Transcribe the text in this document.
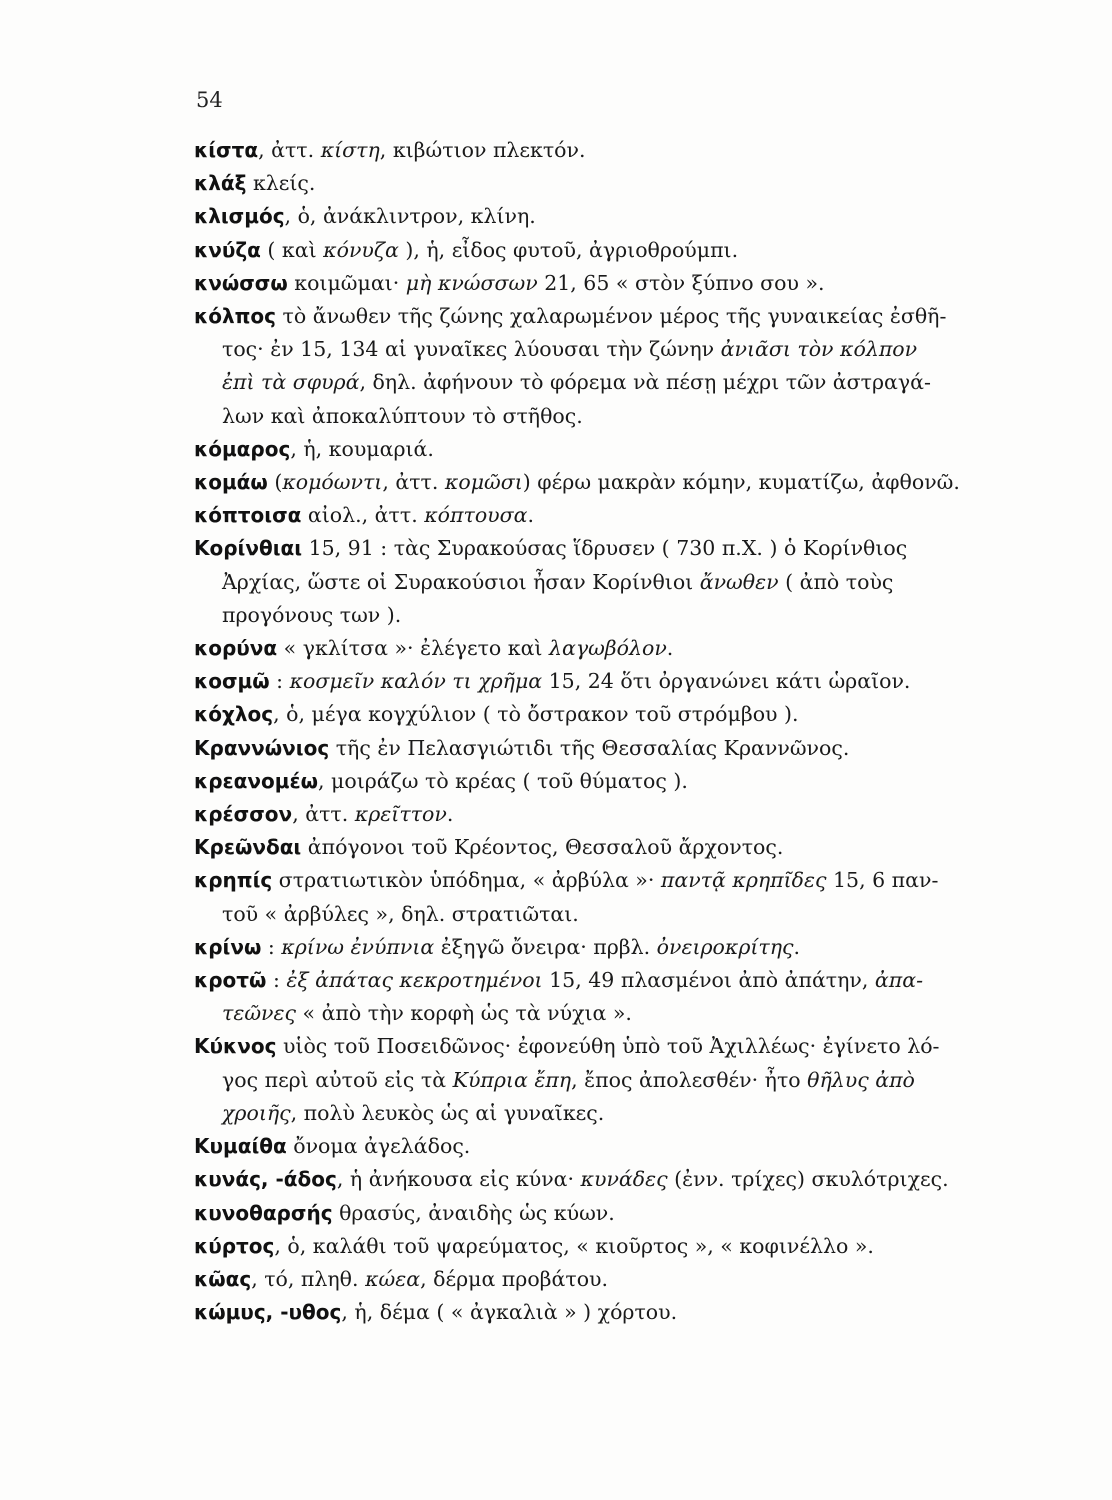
54

κίστα, ἀττ. κίστη, κιβώτιον πλεκτόν.

κλάξ κλείς.

κλισμός, ὁ, ἀνάκλιντρον, κλίνη.

κνύζα ( καὶ κόνυζα ), ἡ, εἶδος φυτοῦ, ἀγριοθρούμπι.

κνώσσω κοιμῶμαι· μὴ κνώσσων 21, 65 « στὸν ξύπνο σου ».

κόλπος τὸ ἄνωθεν τῆς ζώνης χαλαρωμένον μέρος τῆς γυναικείας ἐσθῆ-
τος· ἐν 15, 134 αἱ γυναῖκες λύουσαι τὴν ζώνην ἀνιᾶσι τὸν κόλπον
ἐπὶ τὰ σφυρά, δηλ. ἀφήνουν τὸ φόρεμα νὰ πέσῃ μέχρι τῶν ἀστραγά-
λων καὶ ἀποκαλύπτουν τὸ στῆθος.

κόμαρος, ἡ, κουμαριά.

κομάω (κομόωντι, ἀττ. κομῶσι) φέρω μακρὰν κόμην, κυματίζω, ἀφθονῶ.

κόπτοισα αἰολ., ἀττ. κόπτουσα.

Κορίνθιαι 15, 91 : τὰς Συρακούσας ἵδρυσεν ( 730 π.Χ. ) ὁ Κορίνθιος
Ἀρχίας, ὥστε οἱ Συρακούσιοι ἦσαν Κορίνθιοι ἄνωθεν ( ἀπὸ τοὺς
προγόνους των ).

κορύνα « γκλίτσα »· ἐλέγετο καὶ λαγωβόλον.

κοσμῶ : κοσμεῖν καλόν τι χρῆμα 15, 24 ὅτι ὀργανώνει κάτι ὡραῖον.

κόχλος, ὁ, μέγα κογχύλιον ( τὸ ὄστρακον τοῦ στρόμβου ).

Κραννώνιος τῆς ἐν Πελασγιώτιδι τῆς Θεσσαλίας Κραννῶνος.

κρεανομέω, μοιράζω τὸ κρέας ( τοῦ θύματος ).

κρέσσον, ἀττ. κρεῖττον.

Κρεῶνδαι ἀπόγονοι τοῦ Κρέοντος, Θεσσαλοῦ ἄρχοντος.

κρηπίς στρατιωτικὸν ὑπόδημα, « ἀρβύλα »· παντᾷ κρηπῖδες 15, 6 παν-
τοῦ « ἀρβύλες », δηλ. στρατιῶται.

κρίνω : κρίνω ἐνύπνια ἐξηγῶ ὄνειρα· πρβλ. ὀνειροκρίτης.

κροτῶ : ἐξ ἀπάτας κεκροτημένοι 15, 49 πλασμένοι ἀπὸ ἀπάτην, ἀπα-
τεῶνες « ἀπὸ τὴν κορφὴ ὡς τὰ νύχια ».

Κύκνος υἱὸς τοῦ Ποσειδῶνος· ἐφονεύθη ὑπὸ τοῦ Ἀχιλλέως· ἐγίνετο λό-
γος περὶ αὐτοῦ εἰς τὰ Κύπρια ἔπη, ἔπος ἀπολεσθέν· ἦτο θῆλυς ἀπὸ
χροιῆς, πολὺ λευκὸς ὡς αἱ γυναῖκες.

Κυμαίθα ὄνομα ἀγελάδος.

κυνάς, -άδος, ἡ ἀνήκουσα εἰς κύνα· κυνάδες (ἐνν. τρίχες) σκυλότριχες.

κυνοθαρσής θρασύς, ἀναιδὴς ὡς κύων.

κύρτος, ὁ, καλάθι τοῦ ψαρεύματος, « κιοῦρτος », « κοφινέλλο ».

κῶας, τό, πληθ. κώεα, δέρμα προβάτου.

κώμυς, -υθος, ἡ, δέμα ( « ἀγκαλιὰ » ) χόρτου.
